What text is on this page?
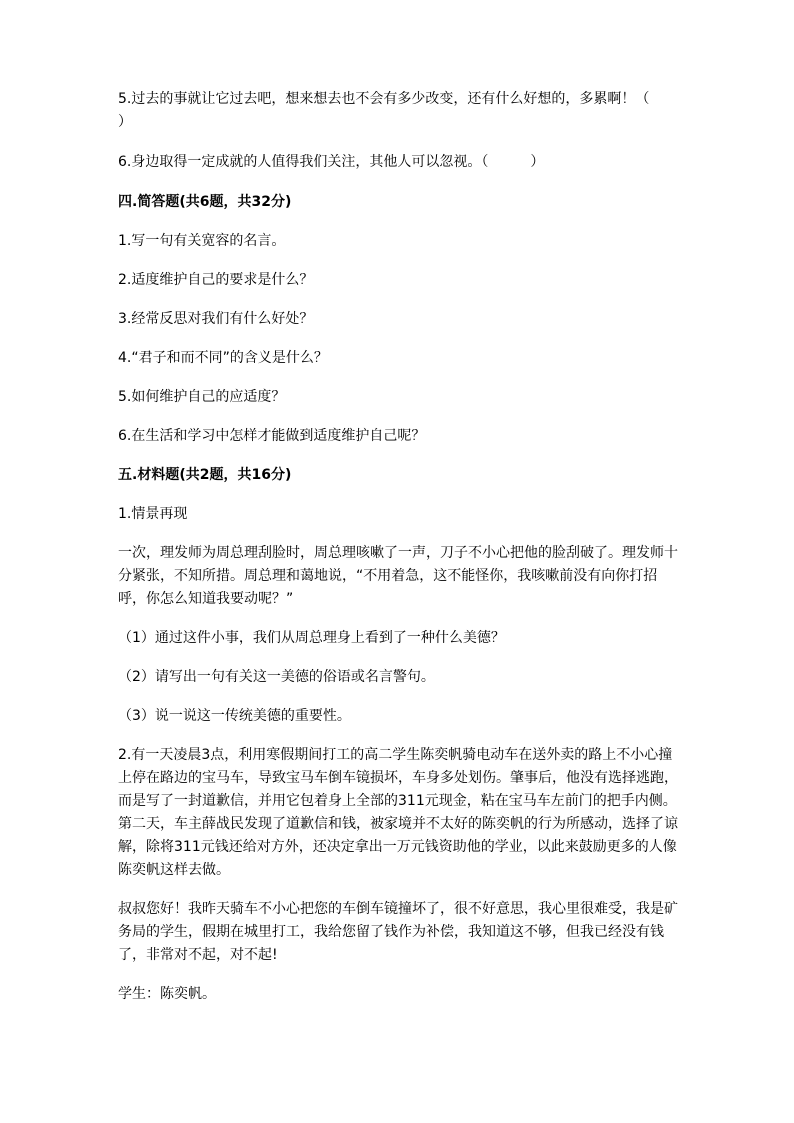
5.过去的事就让它过去吧，想来想去也不会有多少改变，还有什么好想的，多累啊！（　　　）

6.身边取得一定成就的人值得我们关注，其他人可以忽视。（　　　）

四.简答题(共6题，共32分)

1.写一句有关宽容的名言。

2.适度维护自己的要求是什么？

3.经常反思对我们有什么好处？

4.“君子和而不同”的含义是什么？

5.如何维护自己的应适度？

6.在生活和学习中怎样才能做到适度维护自己呢？

五.材料题(共2题，共16分)

1.情景再现

一次，理发师为周总理刮脸时，周总理咳嗽了一声，刀子不小心把他的脸刮破了。理发师十分紧张，不知所措。周总理和蔼地说，“不用着急，这不能怪你，我咳嗽前没有向你打招呼，你怎么知道我要动呢？”

（1）通过这件小事，我们从周总理身上看到了一种什么美德？

（2）请写出一句有关这一美德的俗语或名言警句。

（3）说一说这一传统美德的重要性。

2.有一天凌晨3点，利用寒假期间打工的高二学生陈奕帆骑电动车在送外卖的路上不小心撞上停在路边的宝马车，导致宝马车倒车镜损坏，车身多处划伤。肇事后，他没有选择逃跑，而是写了一封道歉信，并用它包着身上全部的311元现金，粘在宝马车左前门的把手内侧。第二天，车主薛战民发现了道歉信和钱，被家境并不太好的陈奕帆的行为所感动，选择了谅解，除将311元钱还给对方外，还决定拿出一万元钱资助他的学业，以此来鼓励更多的人像陈奕帆这样去做。

叔叔您好！我昨天骑车不小心把您的车倒车镜撞坏了，很不好意思，我心里很难受，我是矿务局的学生，假期在城里打工，我给您留了钱作为补偿，我知道这不够，但我已经没有钱了，非常对不起，对不起!

学生：陈奕帆。
